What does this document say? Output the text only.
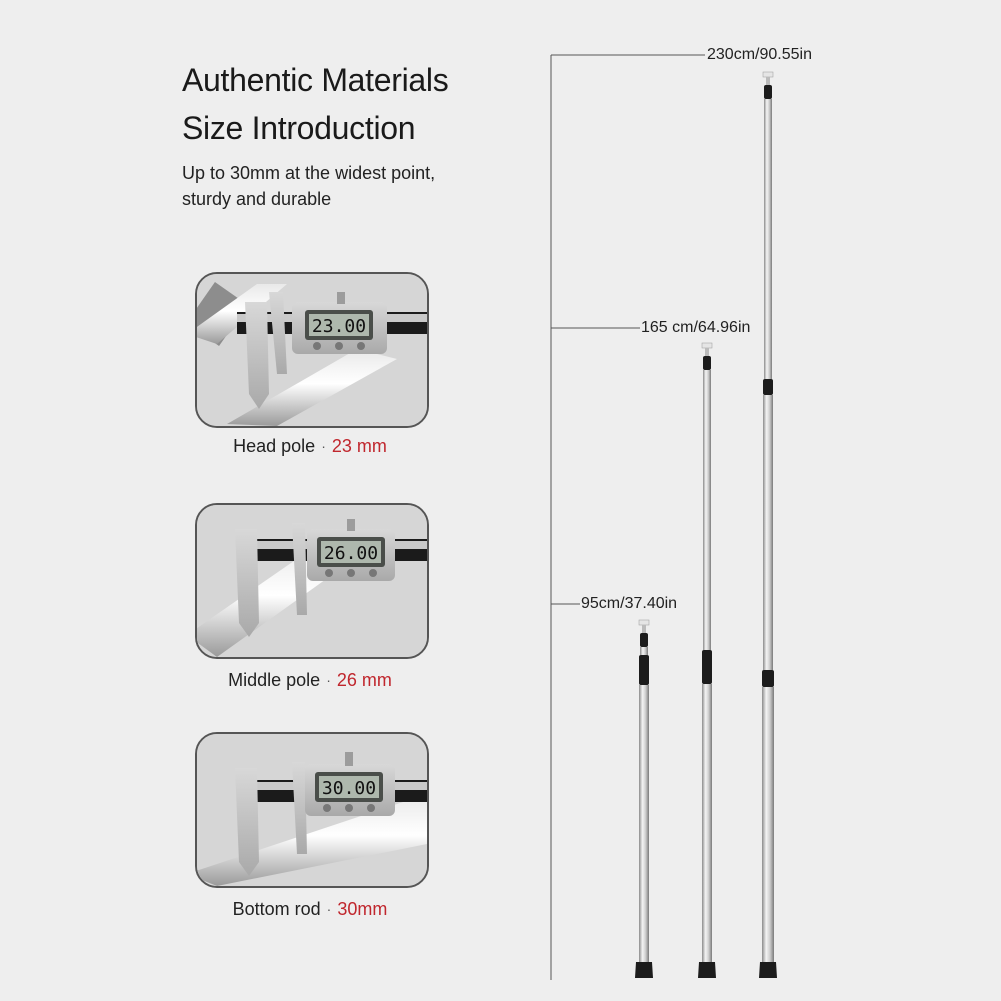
Authentic Materials
Size Introduction

Up to 30mm at the widest point,
sturdy and durable

23.00
Head pole · 23 mm
26.00
Middle pole · 26 mm
30.00
Bottom rod · 30mm
230cm/90.55in
165 cm/64.96in
95cm/37.40in
